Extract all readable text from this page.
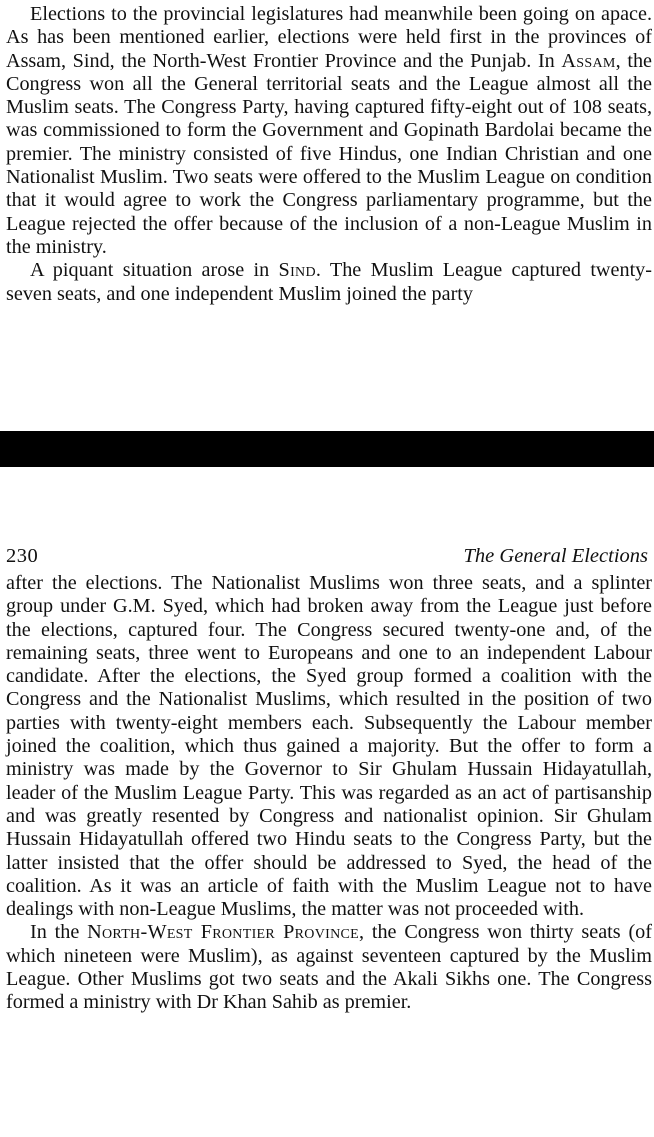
Elections to the provincial legislatures had meanwhile been going on apace. As has been mentioned earlier, elections were held first in the provinces of Assam, Sind, the North-West Frontier Province and the Punjab. In Assam, the Congress won all the General territorial seats and the League almost all the Muslim seats. The Congress Party, having captured fifty-eight out of 108 seats, was commissioned to form the Government and Gopinath Bardolai became the premier. The ministry consisted of five Hindus, one Indian Christian and one Nationalist Muslim. Two seats were offered to the Muslim League on condition that it would agree to work the Congress parliamentary programme, but the League rejected the offer because of the inclusion of a non-League Muslim in the ministry.

A piquant situation arose in Sind. The Muslim League captured twenty-seven seats, and one independent Muslim joined the party

230	The General Elections

after the elections. The Nationalist Muslims won three seats, and a splinter group under G.M. Syed, which had broken away from the League just before the elections, captured four. The Congress secured twenty-one and, of the remaining seats, three went to Europeans and one to an independent Labour candidate. After the elections, the Syed group formed a coalition with the Congress and the Nationalist Muslims, which resulted in the position of two parties with twenty-eight members each. Subsequently the Labour member joined the coalition, which thus gained a majority. But the offer to form a ministry was made by the Governor to Sir Ghulam Hussain Hidayatullah, leader of the Muslim League Party. This was regarded as an act of partisanship and was greatly resented by Congress and nationalist opinion. Sir Ghulam Hussain Hidayatullah offered two Hindu seats to the Congress Party, but the latter insisted that the offer should be addressed to Syed, the head of the coalition. As it was an article of faith with the Muslim League not to have dealings with non-League Muslims, the matter was not proceeded with.

In the North-West Frontier Province, the Congress won thirty seats (of which nineteen were Muslim), as against seventeen captured by the Muslim League. Other Muslims got two seats and the Akali Sikhs one. The Congress formed a ministry with Dr Khan Sahib as premier.
